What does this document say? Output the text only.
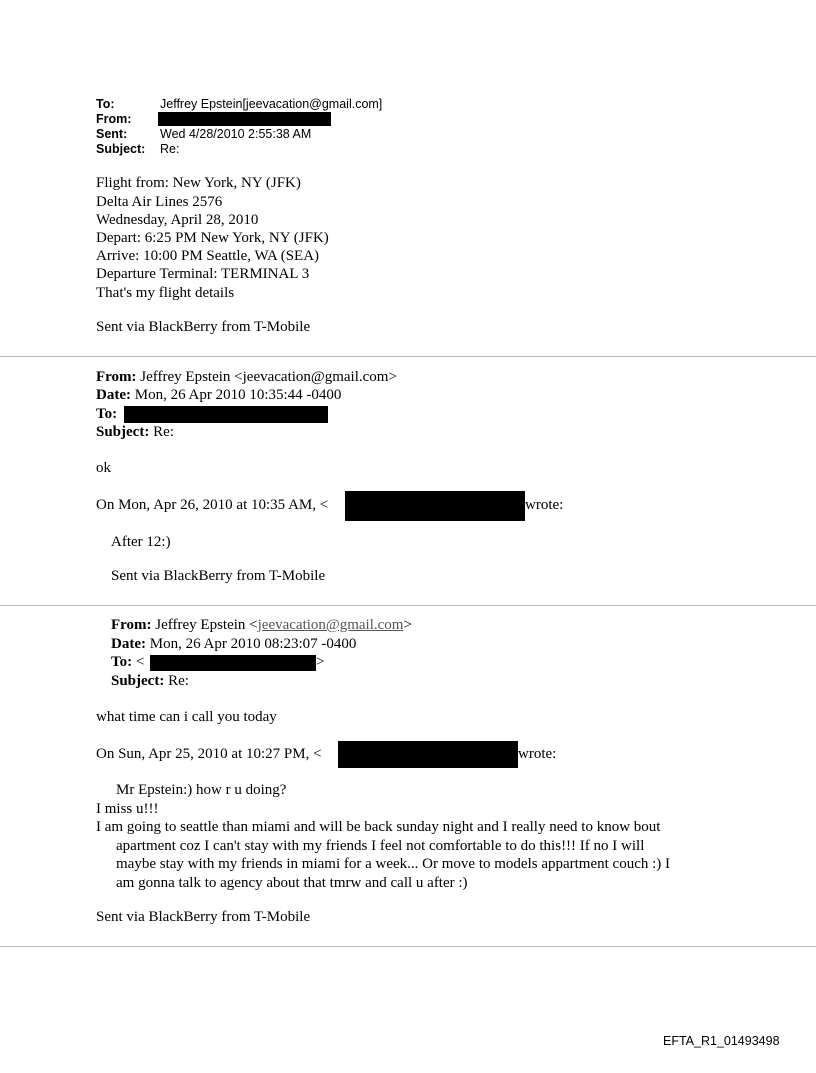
To:	Jeffrey Epstein[jeevacation@gmail.com]
From:
Sent:	Wed 4/28/2010 2:55:38 AM
Subject: Re:
Flight from: New York, NY (JFK)
Delta Air Lines 2576
Wednesday, April 28, 2010
Depart: 6:25 PM New York, NY (JFK)
Arrive: 10:00 PM Seattle, WA (SEA)
Departure Terminal: TERMINAL 3
That's my flight details
Sent via BlackBerry from T-Mobile
From: Jeffrey Epstein <jeevacation@gmail.com>
Date: Mon, 26 Apr 2010 10:35:44 -0400
To:
Subject: Re:
ok
On Mon, Apr 26, 2010 at 10:35 AM, <	wrote:
After 12:)
Sent via BlackBerry from T-Mobile
From: Jeffrey Epstein <jeevacation@gmail.com>
Date: Mon, 26 Apr 2010 08:23:07 -0400
To: <	>
Subject: Re:
what time can i call you today
On Sun, Apr 25, 2010 at 10:27 PM, <	wrote:
Mr Epstein:) how r u doing?
I miss u!!!
I am going to seattle than miami and will be back sunday night and I really need to know bout
apartment coz I can't stay with my friends I feel not comfortable to do this!!! If no I will
maybe stay with my friends in miami for a week... Or move to models appartment couch :) I
am gonna talk to agency about that tmrw and call u after :)
Sent via BlackBerry from T-Mobile
EFTA_R1_01493498
